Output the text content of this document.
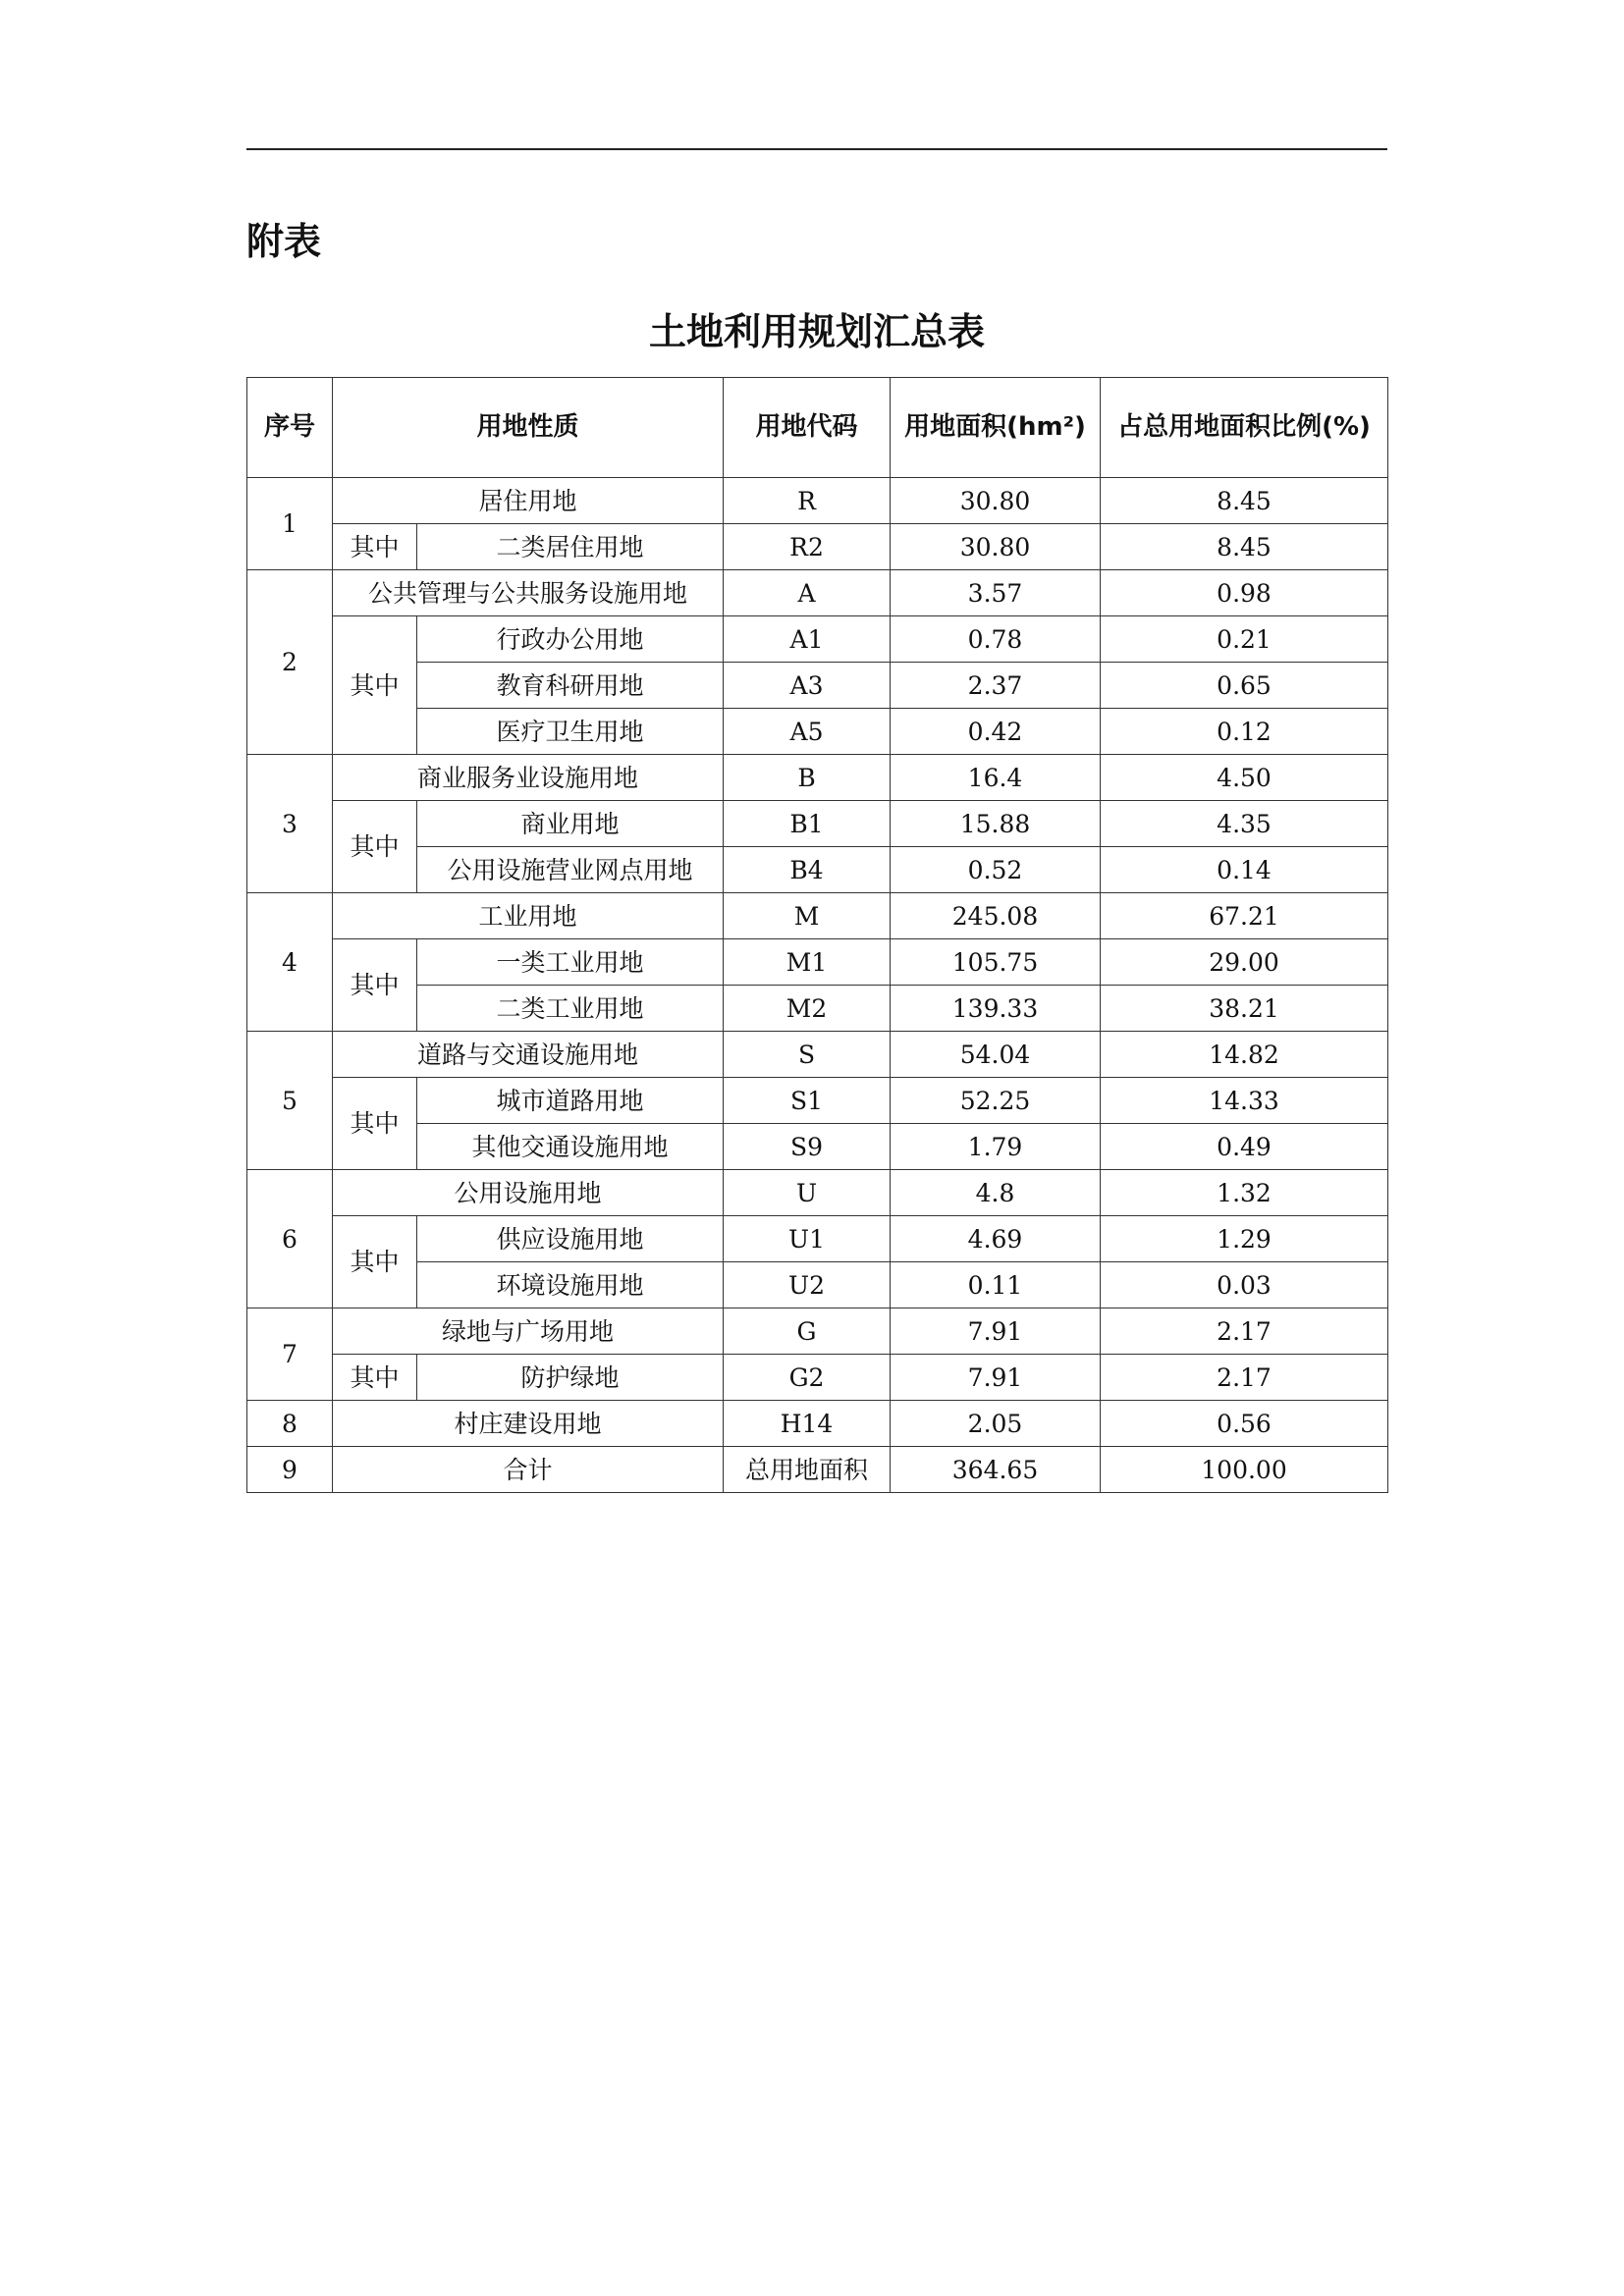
附表
土地利用规划汇总表
序号	用地性质		用地代码	用地面积(hm²)	占总用地面积比例(%)
1	居住用地		R	30.80	8.45
	其中	二类居住用地	R2	30.80	8.45
2	公共管理与公共服务设施用地		A	3.57	0.98
	其中	行政办公用地	A1	0.78	0.21
		教育科研用地	A3	2.37	0.65
		医疗卫生用地	A5	0.42	0.12
3	商业服务业设施用地		B	16.4	4.50
	其中	商业用地	B1	15.88	4.35
		公用设施营业网点用地	B4	0.52	0.14
4	工业用地		M	245.08	67.21
	其中	一类工业用地	M1	105.75	29.00
		二类工业用地	M2	139.33	38.21
5	道路与交通设施用地		S	54.04	14.82
	其中	城市道路用地	S1	52.25	14.33
		其他交通设施用地	S9	1.79	0.49
6	公用设施用地		U	4.8	1.32
	其中	供应设施用地	U1	4.69	1.29
		环境设施用地	U2	0.11	0.03
7	绿地与广场用地		G	7.91	2.17
	其中	防护绿地	G2	7.91	2.17
8	村庄建设用地		H14	2.05	0.56
9	合计		总用地面积	364.65	100.00
